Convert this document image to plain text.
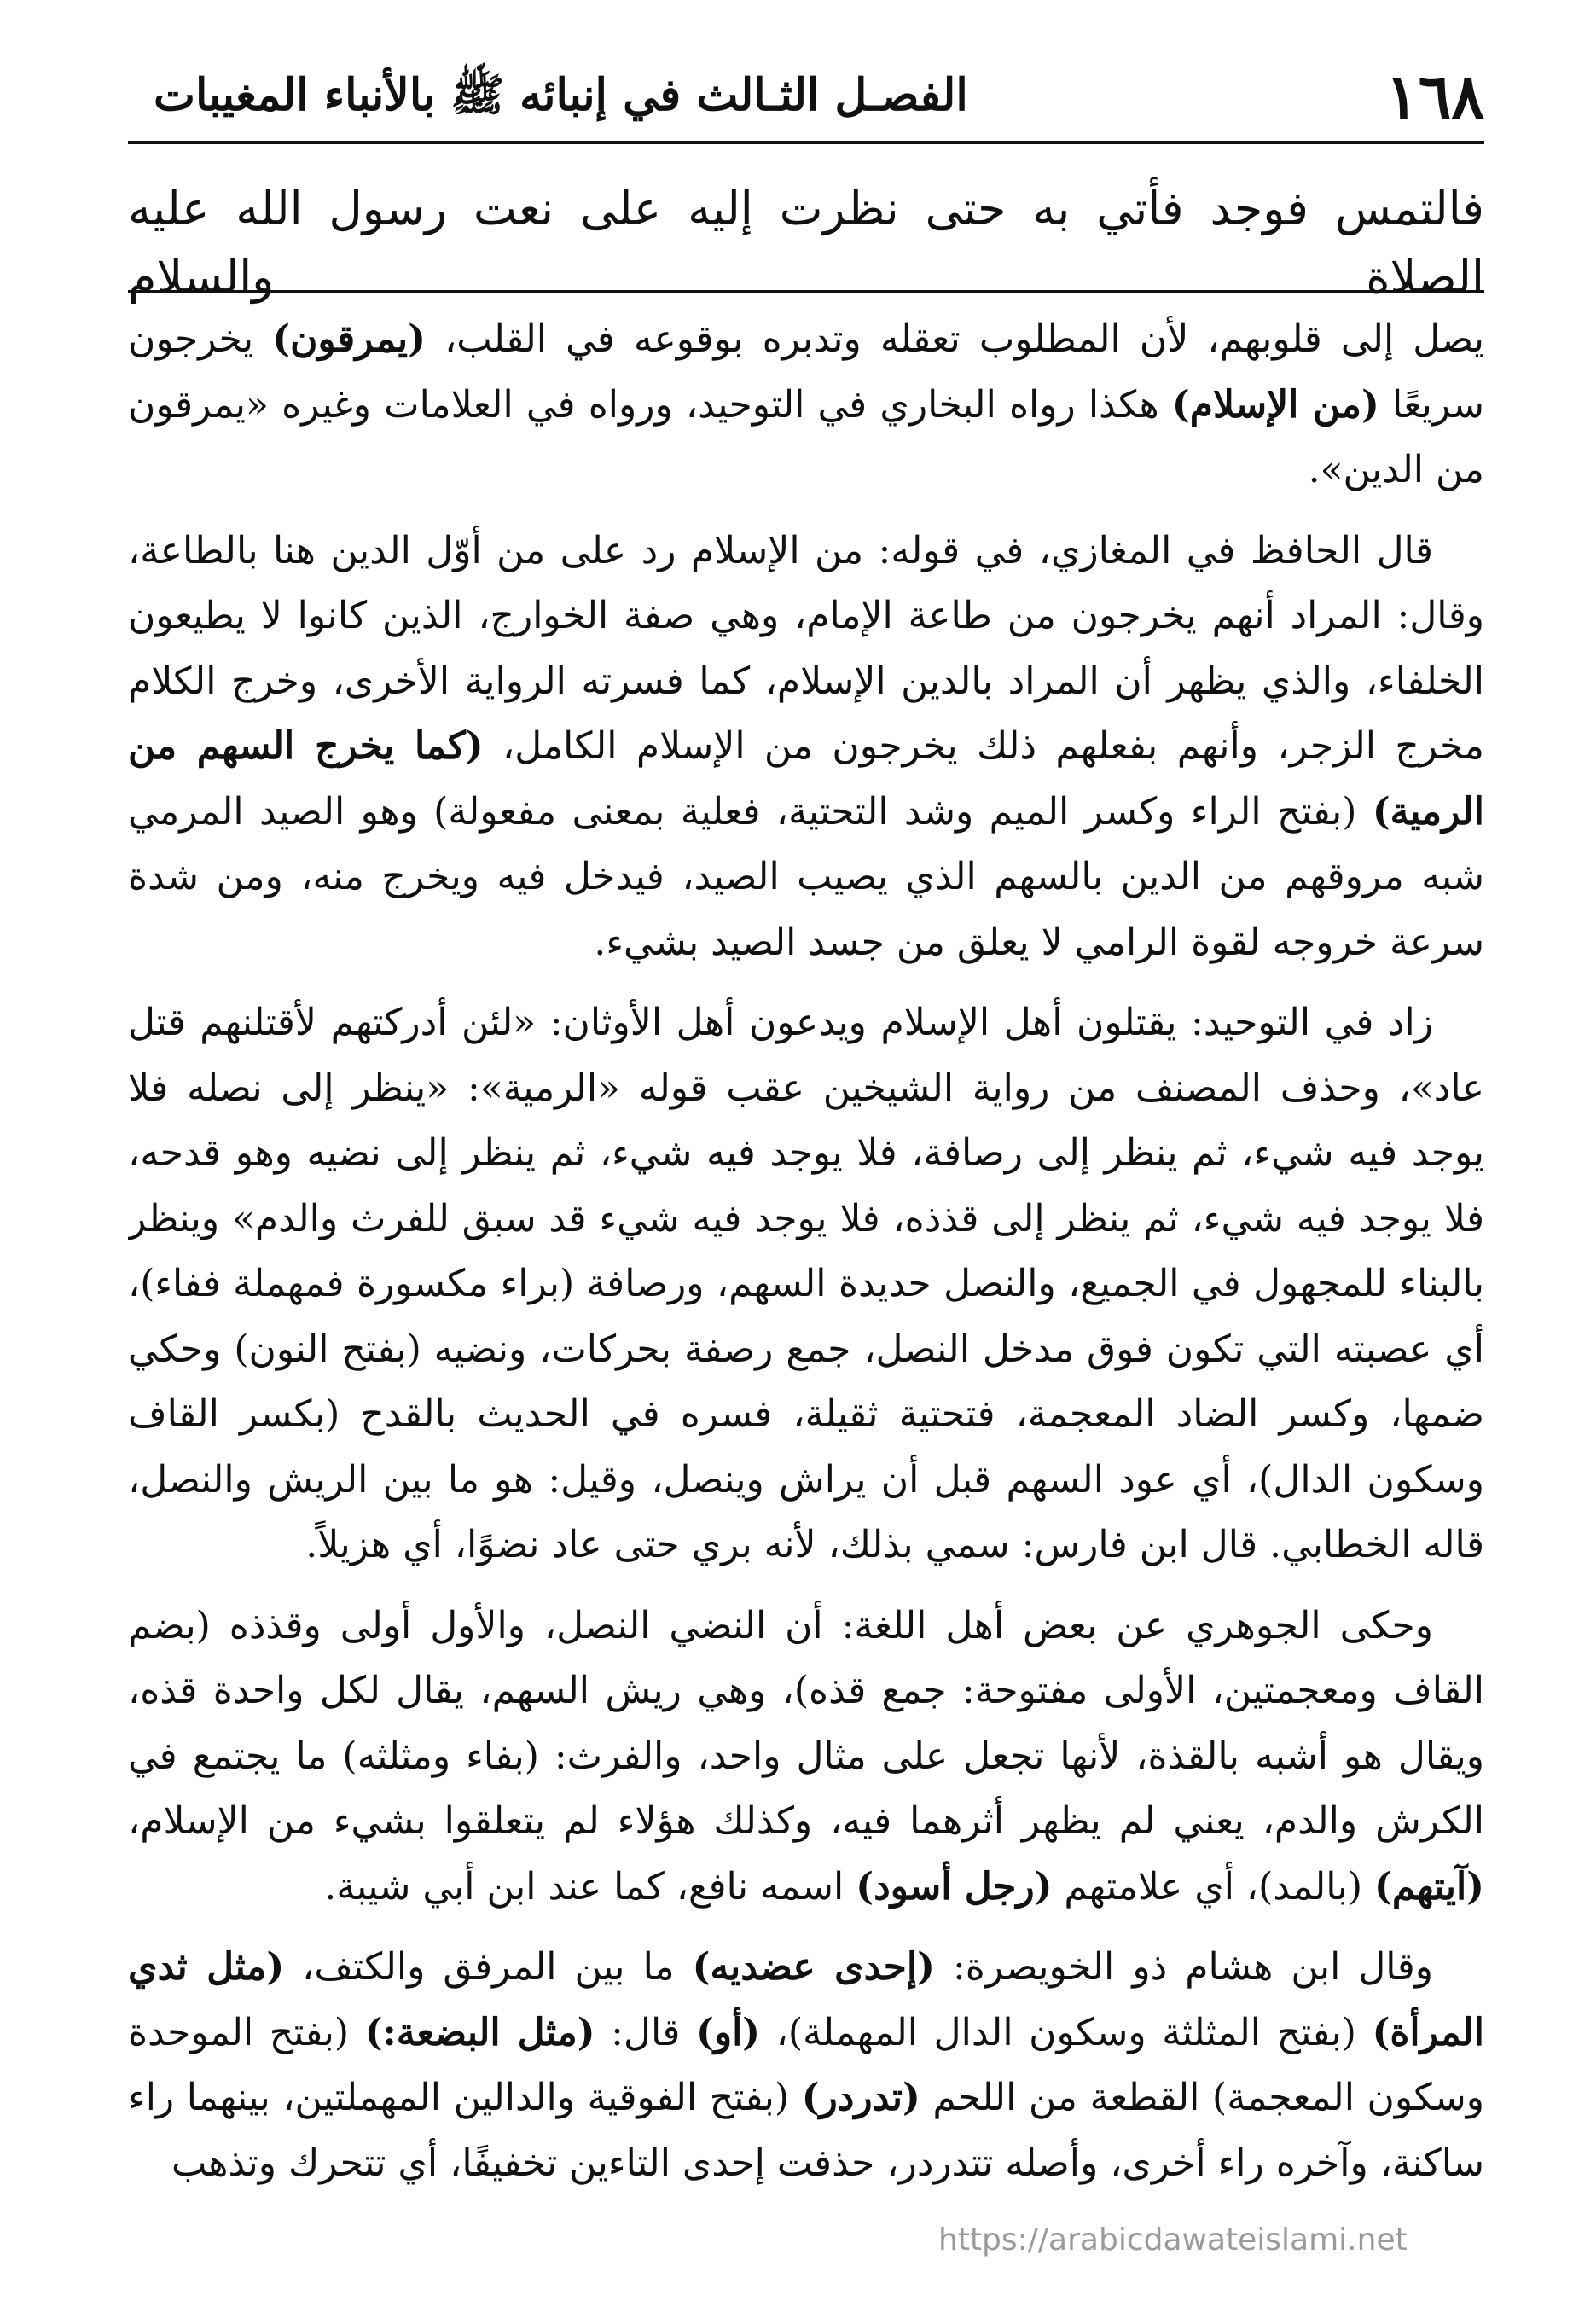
١٦٨
الفصـل الثـالث في إنبائه ﷺ بالأنباء المغيبات
فالتمس فوجد فأتي به حتى نظرت إليه على نعت رسول الله عليه الصلاة والسلام

يصل إلى قلوبهم، لأن المطلوب تعقله وتدبره بوقوعه في القلب، (يمرقون) يخرجون سريعًا (من الإسلام) هكذا رواه البخاري في التوحيد، ورواه في العلامات وغيره «يمرقون من الدين».

قال الحافظ في المغازي، في قوله: من الإسلام رد على من أوّل الدين هنا بالطاعة، وقال: المراد أنهم يخرجون من طاعة الإمام، وهي صفة الخوارج، الذين كانوا لا يطيعون الخلفاء، والذي يظهر أن المراد بالدين الإسلام، كما فسرته الرواية الأخرى، وخرج الكلام مخرج الزجر، وأنهم بفعلهم ذلك يخرجون من الإسلام الكامل، (كما يخرج السهم من الرمية) (بفتح الراء وكسر الميم وشد التحتية، فعلية بمعنى مفعولة) وهو الصيد المرمي شبه مروقهم من الدين بالسهم الذي يصيب الصيد، فيدخل فيه ويخرج منه، ومن شدة سرعة خروجه لقوة الرامي لا يعلق من جسد الصيد بشيء.

زاد في التوحيد: يقتلون أهل الإسلام ويدعون أهل الأوثان: «لئن أدركتهم لأقتلنهم قتل عاد»، وحذف المصنف من رواية الشيخين عقب قوله «الرمية»: «ينظر إلى نصله فلا يوجد فيه شيء، ثم ينظر إلى رصافة، فلا يوجد فيه شيء، ثم ينظر إلى نضيه وهو قدحه، فلا يوجد فيه شيء، ثم ينظر إلى قذذه، فلا يوجد فيه شيء قد سبق للفرث والدم» وينظر بالبناء للمجهول في الجميع، والنصل حديدة السهم، ورصافة (براء مكسورة فمهملة ففاء)، أي عصبته التي تكون فوق مدخل النصل، جمع رصفة بحركات، ونضيه (بفتح النون) وحكي ضمها، وكسر الضاد المعجمة، فتحتية ثقيلة، فسره في الحديث بالقدح (بكسر القاف وسكون الدال)، أي عود السهم قبل أن يراش وينصل، وقيل: هو ما بين الريش والنصل، قاله الخطابي. قال ابن فارس: سمي بذلك، لأنه بري حتى عاد نضوًا، أي هزيلاً.

وحكى الجوهري عن بعض أهل اللغة: أن النضي النصل، والأول أولى وقذذه (بضم القاف ومعجمتين، الأولى مفتوحة: جمع قذه)، وهي ريش السهم، يقال لكل واحدة قذه، ويقال هو أشبه بالقذة، لأنها تجعل على مثال واحد، والفرث: (بفاء ومثلثه) ما يجتمع في الكرش والدم، يعني لم يظهر أثرهما فيه، وكذلك هؤلاء لم يتعلقوا بشيء من الإسلام، (آيتهم) (بالمد)، أي علامتهم (رجل أسود) اسمه نافع، كما عند ابن أبي شيبة.

وقال ابن هشام ذو الخويصرة: (إحدى عضديه) ما بين المرفق والكتف، (مثل ثدي المرأة) (بفتح المثلثة وسكون الدال المهملة)، (أو) قال: (مثل البضعة:) (بفتح الموحدة وسكون المعجمة) القطعة من اللحم (تدردر) (بفتح الفوقية والدالين المهملتين، بينهما راء ساكنة، وآخره راء أخرى، وأصله تتدردر، حذفت إحدى التاءين تخفيفًا، أي تتحرك وتذهب

https://arabicdawateislami.net
